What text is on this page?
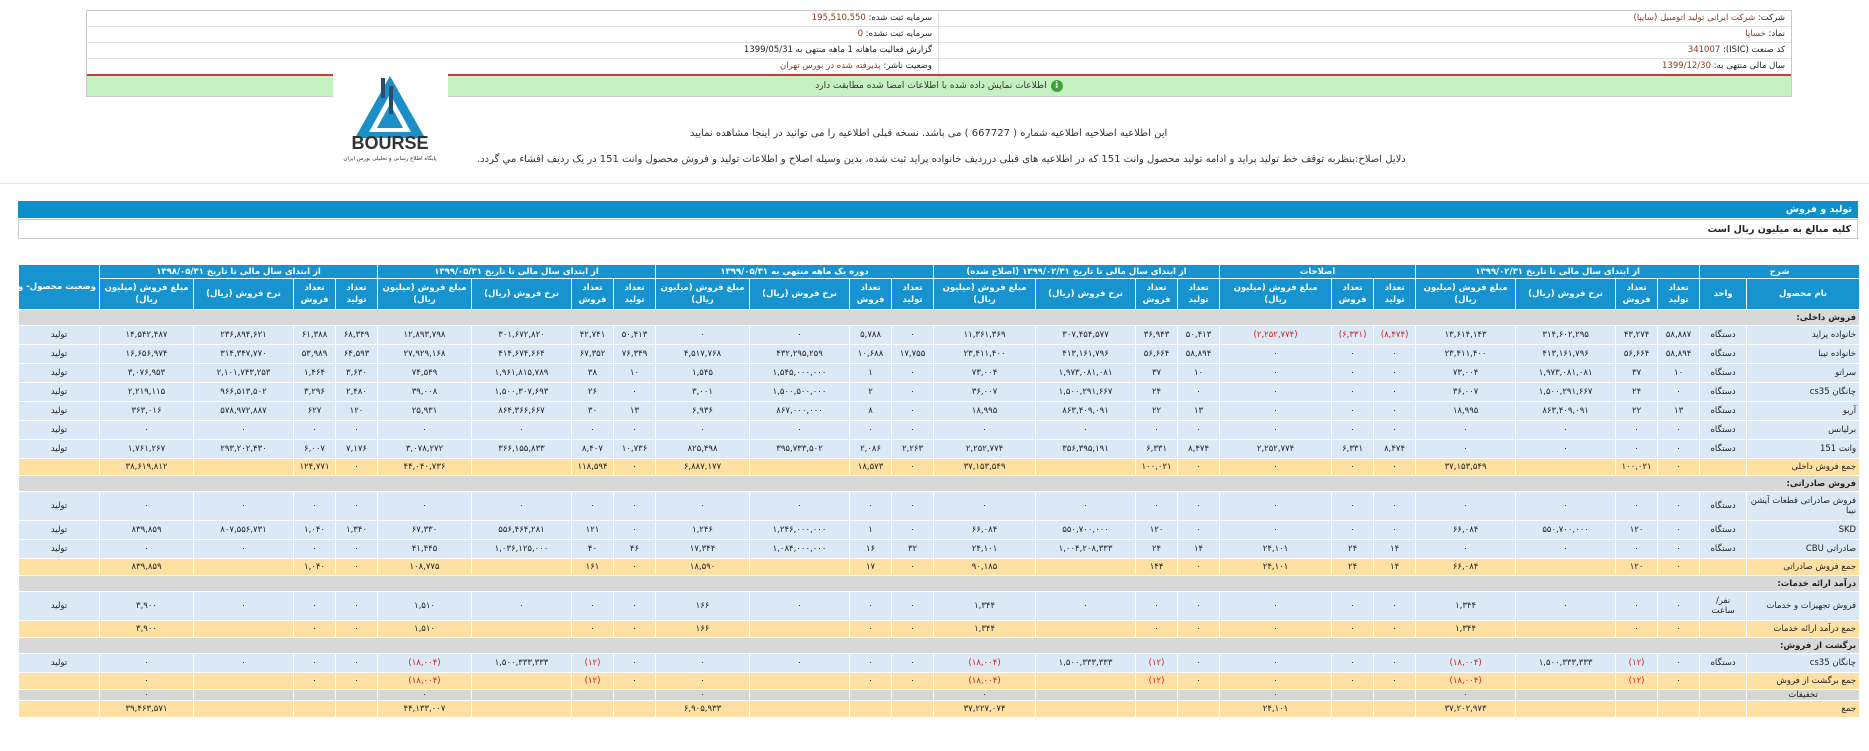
شرکت: شرکت ایرانی تولید اتومبیل (سایپا)
سرمایه ثبت شده: 195,510,550
نماد: خساپا
سرمایه ثبت نشده: 0
کد صنعت (ISIC): 341007
گزارش فعالیت ماهانه 1 ماهه منتهی به 1399/05/31
سال مالی منتهی به: 1399/12/30
وضعیت ناشر: پذیرفته شده در بورس تهران
iاطلاعات نمایش داده شده با اطلاعات امضا شده مطابقت دارد
BOURSE
پایگاه اطلاع رسانی و تحلیلی بورس ایران
این اطلاعیه اصلاحیه اطلاعیه شماره ( 667727 ) می باشد. نسخه قبلی اطلاعیه را می توانید در اینجا مشاهده نمایید
دلایل اصلاح:بنظربه توقف خط تولید پراید و ادامه تولید محصول وانت 151 که در اطلاعیه های قبلی دررديف خانواده پرايد ثبت شده، بدين وسيله اصلاح و اطلاعات توليد و فروش محصول وانت 151 در یک ردیف افشاء مي گردد.
تولید و فروش
کلیه مبالغ به میلیون ریال است
شرح		از ابتدای سال مالی تا تاریخ ۱۳۹۹/۰۲/۳۱				اصلاحات			از ابتدای سال مالی تا تاریخ ۱۳۹۹/۰۲/۳۱ (اصلاح شده)				دوره یک ماهه منتهی به ۱۳۹۹/۰۵/۳۱				از ابتدای سال مالی تا تاریخ ۱۳۹۹/۰۵/۳۱				از ابتدای سال مالی تا تاریخ ۱۳۹۸/۰۵/۳۱				وضعیت محصول- واحد
نام محصول	واحد	تعداد تولید	تعداد فروش	نرخ فروش (ریال)	مبلغ فروش (میلیون ریال)	تعداد تولید	تعداد فروش	مبلغ فروش (میلیون ریال)	تعداد تولید	تعداد فروش	نرخ فروش (ریال)	مبلغ فروش (میلیون ریال)	تعداد تولید	تعداد فروش	نرخ فروش (ریال)	مبلغ فروش (میلیون ریال)	تعداد تولید	تعداد فروش	نرخ فروش (ریال)	مبلغ فروش (میلیون ریال)	تعداد تولید	تعداد فروش	نرخ فروش (ریال)	مبلغ فروش (میلیون ریال)	
فروش داخلی:																									
خانواده پراید	دستگاه	۵۸,۸۸۷	۴۳,۲۷۴	۳۱۴,۶۰۲,۲۹۵	۱۳,۶۱۴,۱۴۳	(۸,۴۷۴)	(۶,۳۳۱)	(۲,۲۵۲,۷۷۴)	۵۰,۴۱۳	۳۶,۹۴۳	۳۰۷,۴۵۴,۵۷۷	۱۱,۳۶۱,۳۶۹	۰	۵,۷۸۸	۰	۰	۵۰,۴۱۳	۴۲,۷۴۱	۳۰۱,۶۷۲,۸۲۰	۱۲,۸۹۳,۷۹۸	۶۸,۳۴۹	۶۱,۳۸۸	۲۳۶,۸۹۴,۶۲۱	۱۴,۵۴۲,۴۸۷	تولید
خانواده تیبا	دستگاه	۵۸,۸۹۴	۵۶,۶۶۴	۴۱۳,۱۶۱,۷۹۶	۲۳,۴۱۱,۴۰۰	۰	۰	۰	۵۸,۸۹۴	۵۶,۶۶۴	۴۱۳,۱۶۱,۷۹۶	۲۳,۴۱۱,۴۰۰	۱۷,۷۵۵	۱۰,۶۸۸	۴۳۲,۲۹۵,۲۵۹	۴,۵۱۷,۷۶۸	۷۶,۳۴۹	۶۷,۳۵۲	۴۱۴,۶۷۴,۶۶۴	۲۷,۹۲۹,۱۶۸	۶۴,۵۹۳	۵۳,۹۸۹	۳۱۴,۳۴۷,۷۷۰	۱۶,۶۵۶,۹۷۴	تولید
سراتو	دستگاه	۱۰	۳۷	۱,۹۷۳,۰۸۱,۰۸۱	۷۳,۰۰۴	۰	۰	۰	۱۰	۳۷	۱,۹۷۳,۰۸۱,۰۸۱	۷۳,۰۰۴	۰	۱	۱,۵۴۵,۰۰۰,۰۰۰	۱,۵۴۵	۱۰	۳۸	۱,۹۶۱,۸۱۵,۷۸۹	۷۴,۵۴۹	۳,۶۳۰	۱,۴۶۴	۲,۱۰۱,۷۴۳,۲۵۳	۳,۰۷۶,۹۵۳	تولید
چانگان cs35	دستگاه	۰	۲۴	۱,۵۰۰,۲۹۱,۶۶۷	۳۶,۰۰۷	۰	۰	۰	۰	۲۴	۱,۵۰۰,۲۹۱,۶۶۷	۳۶,۰۰۷	۰	۲	۱,۵۰۰,۵۰۰,۰۰۰	۳,۰۰۱	۰	۲۶	۱,۵۰۰,۳۰۷,۶۹۳	۳۹,۰۰۸	۲,۴۸۰	۳,۲۹۶	۹۶۶,۵۱۳,۵۰۲	۲,۲۱۹,۱۱۵	تولید
آریو	دستگاه	۱۳	۲۲	۸۶۳,۴۰۹,۰۹۱	۱۸,۹۹۵	۰	۰	۰	۱۳	۲۲	۸۶۳,۴۰۹,۰۹۱	۱۸,۹۹۵	۰	۸	۸۶۷,۰۰۰,۰۰۰	۶,۹۳۶	۱۳	۳۰	۸۶۴,۳۶۶,۶۶۷	۲۵,۹۳۱	۱۲۰	۶۲۷	۵۷۸,۹۷۲,۸۸۷	۳۶۳,۰۱۶	تولید
برلیانس	دستگاه	۰	۰	۰	۰	۰	۰	۰	۰	۰	۰	۰	۰	۰	۰	۰	۰	۰	۰	۰	۰	۰	۰	۰	تولید
وانت 151	دستگاه	۰	۰	۰	۰	۸,۴۷۴	۶,۳۳۱	۲,۲۵۲,۷۷۴	۸,۴۷۴	۶,۳۳۱	۳۵۶,۳۹۵,۱۹۱	۲,۲۵۲,۷۷۴	۲,۲۶۳	۲,۰۸۶	۳۹۵,۷۳۳,۵۰۲	۸۲۵,۴۹۸	۱۰,۷۳۶	۸,۴۰۷	۳۶۶,۱۵۵,۸۳۳	۳,۰۷۸,۲۷۲	۷,۱۷۶	۶,۰۰۷	۲۹۳,۲۰۲,۴۳۰	۱,۷۶۱,۲۶۷	تولید
جمع فروش داخلی		۰	۱۰۰,۰۲۱		۳۷,۱۵۳,۵۴۹	۰	۰	۰	۰	۱۰۰,۰۲۱		۳۷,۱۵۳,۵۴۹	۰	۱۸,۵۷۳		۶,۸۸۷,۱۷۷	۰	۱۱۸,۵۹۴		۴۴,۰۴۰,۷۳۶	۰	۱۲۴,۷۷۱		۳۸,۶۱۹,۸۱۲	
فروش صادراتی:																									
فروش صادراتی قطعات آیشن نیبا	دستگاه	۰	۰	۰	۰	۰	۰	۰	۰	۰	۰	۰	۰	۰	۰	۰	۰	۰	۰	۰	۰	۰	۰	۰	تولید
SKD	دستگاه	۰	۱۲۰	۵۵۰,۷۰۰,۰۰۰	۶۶,۰۸۴	۰	۰	۰	۰	۱۲۰	۵۵۰,۷۰۰,۰۰۰	۶۶,۰۸۴	۰	۱	۱,۲۴۶,۰۰۰,۰۰۰	۱,۲۴۶	۰	۱۲۱	۵۵۶,۴۶۴,۲۸۱	۶۷,۳۳۰	۱,۳۴۰	۱,۰۴۰	۸۰۷,۵۵۶,۷۳۱	۸۳۹,۸۵۹	تولید
صادراتی CBU	دستگاه	۰	۰	۰	۰	۱۴	۲۴	۲۴,۱۰۱	۱۴	۲۴	۱,۰۰۴,۲۰۸,۳۳۳	۲۴,۱۰۱	۳۲	۱۶	۱,۰۸۴,۰۰۰,۰۰۰	۱۷,۳۴۴	۴۶	۴۰	۱,۰۳۶,۱۲۵,۰۰۰	۴۱,۴۴۵	۰	۰	۰	۰	تولید
جمع فروش صادراتی		۰	۱۲۰		۶۶,۰۸۴	۱۴	۲۴	۲۴,۱۰۱	۰	۱۴۴		۹۰,۱۸۵	۰	۱۷		۱۸,۵۹۰	۰	۱۶۱		۱۰۸,۷۷۵	۰	۱,۰۴۰		۸۳۹,۸۵۹	
درآمد ارائه خدمات:																									
فروش تجهیزات و خدمات	نفر/ ساعت	۰	۰	۰	۱,۳۴۴	۰	۰	۰	۰	۰	۰	۱,۳۴۴	۰	۰	۰	۱۶۶	۰	۰	۰	۱,۵۱۰	۰	۰	۰	۳,۹۰۰	تولید
جمع درآمد ارائه خدمات		۰	۰		۱,۳۴۴	۰	۰	۰	۰	۰		۱,۳۴۴	۰	۰		۱۶۶	۰	۰		۱,۵۱۰	۰	۰		۳,۹۰۰	
برگشت از فروش:																									
چانگان cs35	دستگاه	۰	(۱۲)	۱,۵۰۰,۳۳۳,۳۳۳	(۱۸,۰۰۴)	۰	۰	۰	۰	(۱۲)	۱,۵۰۰,۳۳۳,۳۳۳	(۱۸,۰۰۴)	۰	۰	۰	۰	۰	(۱۲)	۱,۵۰۰,۳۳۳,۳۳۳	(۱۸,۰۰۴)	۰	۰	۰	۰	تولید
جمع برگشت از فروش		۰	(۱۲)		(۱۸,۰۰۴)	۰	۰	۰	۰	(۱۲)		(۱۸,۰۰۴)	۰	۰		۰	۰	(۱۲)		(۱۸,۰۰۴)	۰	۰		۰	
تخفیفات					۰			۰				۰				۰				۰				۰	
جمع					۳۷,۲۰۲,۹۷۳			۲۴,۱۰۱				۳۷,۲۲۷,۰۷۴				۶,۹۰۵,۹۳۳				۴۴,۱۳۳,۰۰۷				۳۹,۴۶۳,۵۷۱	
